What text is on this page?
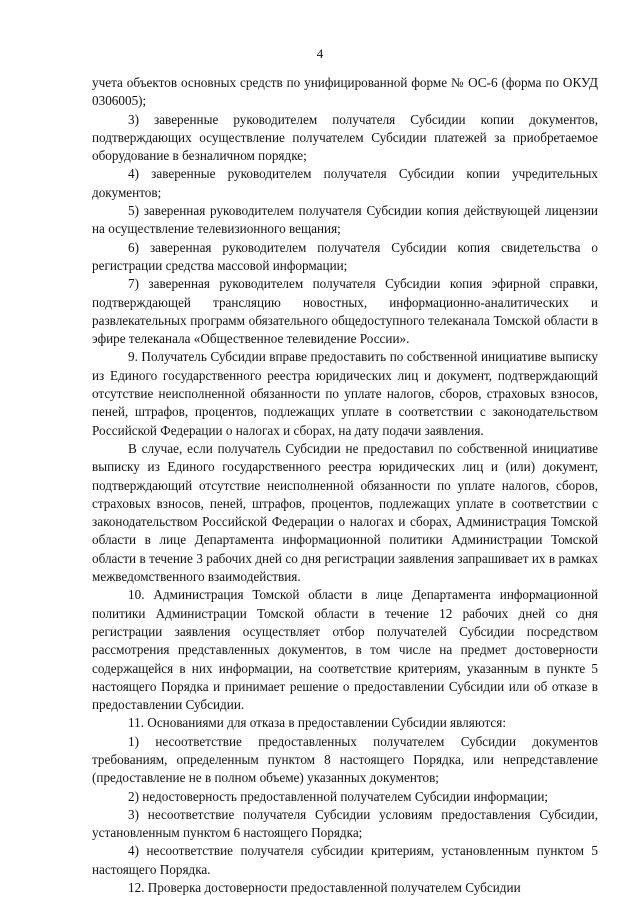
4

учета объектов основных средств по унифицированной форме № ОС-6 (форма по ОКУД 0306005);

3) заверенные руководителем получателя Субсидии копии документов, подтверждающих осуществление получателем Субсидии платежей за приобретаемое оборудование в безналичном порядке;

4) заверенные руководителем получателя Субсидии копии учредительных документов;

5) заверенная руководителем получателя Субсидии копия действующей лицензии на осуществление телевизионного вещания;

6) заверенная руководителем получателя Субсидии копия свидетельства о регистрации средства массовой информации;

7) заверенная руководителем получателя Субсидии копия эфирной справки, подтверждающей трансляцию новостных, информационно-аналитических и развлекательных программ обязательного общедоступного телеканала Томской области в эфире телеканала «Общественное телевидение России».

9. Получатель Субсидии вправе предоставить по собственной инициативе выписку из Единого государственного реестра юридических лиц и документ, подтверждающий отсутствие неисполненной обязанности по уплате налогов, сборов, страховых взносов, пеней, штрафов, процентов, подлежащих уплате в соответствии с законодательством Российской Федерации о налогах и сборах, на дату подачи заявления.

В случае, если получатель Субсидии не предоставил по собственной инициативе выписку из Единого государственного реестра юридических лиц и (или) документ, подтверждающий отсутствие неисполненной обязанности по уплате налогов, сборов, страховых взносов, пеней, штрафов, процентов, подлежащих уплате в соответствии с законодательством Российской Федерации о налогах и сборах, Администрация Томской области в лице Департамента информационной политики Администрации Томской области в течение 3 рабочих дней со дня регистрации заявления запрашивает их в рамках межведомственного взаимодействия.

10. Администрация Томской области в лице Департамента информационной политики Администрации Томской области в течение 12 рабочих дней со дня регистрации заявления осуществляет отбор получателей Субсидии посредством рассмотрения представленных документов, в том числе на предмет достоверности содержащейся в них информации, на соответствие критериям, указанным в пункте 5 настоящего Порядка и принимает решение о предоставлении Субсидии или об отказе в предоставлении Субсидии.

11. Основаниями для отказа в предоставлении Субсидии являются:

1) несоответствие предоставленных получателем Субсидии документов требованиям, определенным пунктом 8 настоящего Порядка, или непредставление (предоставление не в полном объеме) указанных документов;

2) недостоверность предоставленной получателем Субсидии информации;

3) несоответствие получателя Субсидии условиям предоставления Субсидии, установленным пунктом 6 настоящего Порядка;

4) несоответствие получателя субсидии критериям, установленным пунктом 5 настоящего Порядка.

12. Проверка достоверности предоставленной получателем Субсидии
